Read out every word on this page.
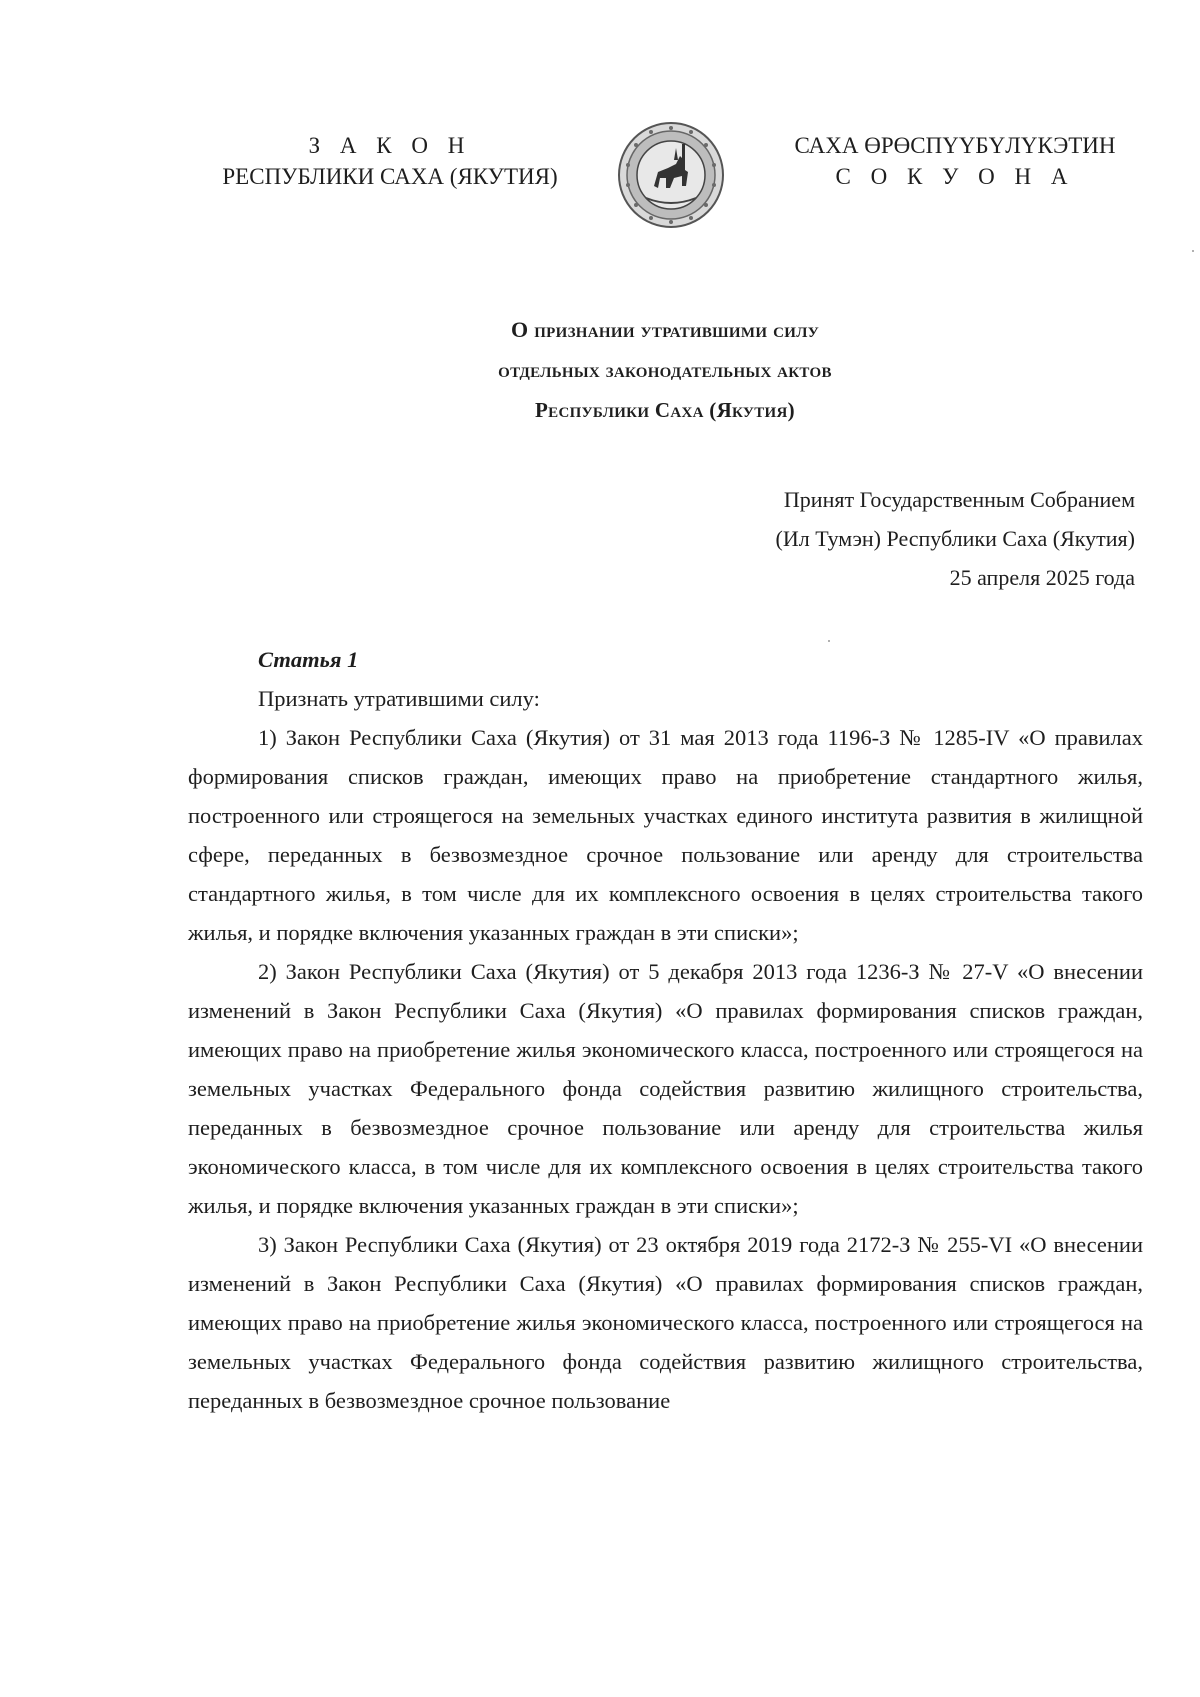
З А К О Н
РЕСПУБЛИКИ САХА (ЯКУТИЯ)
САХА ӨРӨСПҮҮБҮЛҮКЭТИН
С О К У О Н А
О признании утратившими силу
отдельных законодательных актов
Республики Саха (Якутия)
Принят Государственным Собранием
(Ил Тумэн) Республики Саха (Якутия)
25 апреля 2025 года

Статья 1

Признать утратившими силу:

1) Закон Республики Саха (Якутия) от 31 мая 2013 года 1196-З № 1285-IV «О правилах формирования списков граждан, имеющих право на приобретение стандартного жилья, построенного или строящегося на земельных участках единого института развития в жилищной сфере, переданных в безвозмездное срочное пользование или аренду для строительства стандартного жилья, в том числе для их комплексного освоения в целях строительства такого жилья, и порядке включения указанных граждан в эти списки»;

2) Закон Республики Саха (Якутия) от 5 декабря 2013 года 1236-З № 27-V «О внесении изменений в Закон Республики Саха (Якутия) «О правилах формирования списков граждан, имеющих право на приобретение жилья экономического класса, построенного или строящегося на земельных участках Федерального фонда содействия развитию жилищного строительства, переданных в безвозмездное срочное пользование или аренду для строительства жилья экономического класса, в том числе для их комплексного освоения в целях строительства такого жилья, и порядке включения указанных граждан в эти списки»;

3) Закон Республики Саха (Якутия) от 23 октября 2019 года 2172-З № 255-VI «О внесении изменений в Закон Республики Саха (Якутия) «О правилах формирования списков граждан, имеющих право на приобретение жилья экономического класса, построенного или строящегося на земельных участках Федерального фонда содействия развитию жилищного строительства, переданных в безвозмездное срочное пользование
